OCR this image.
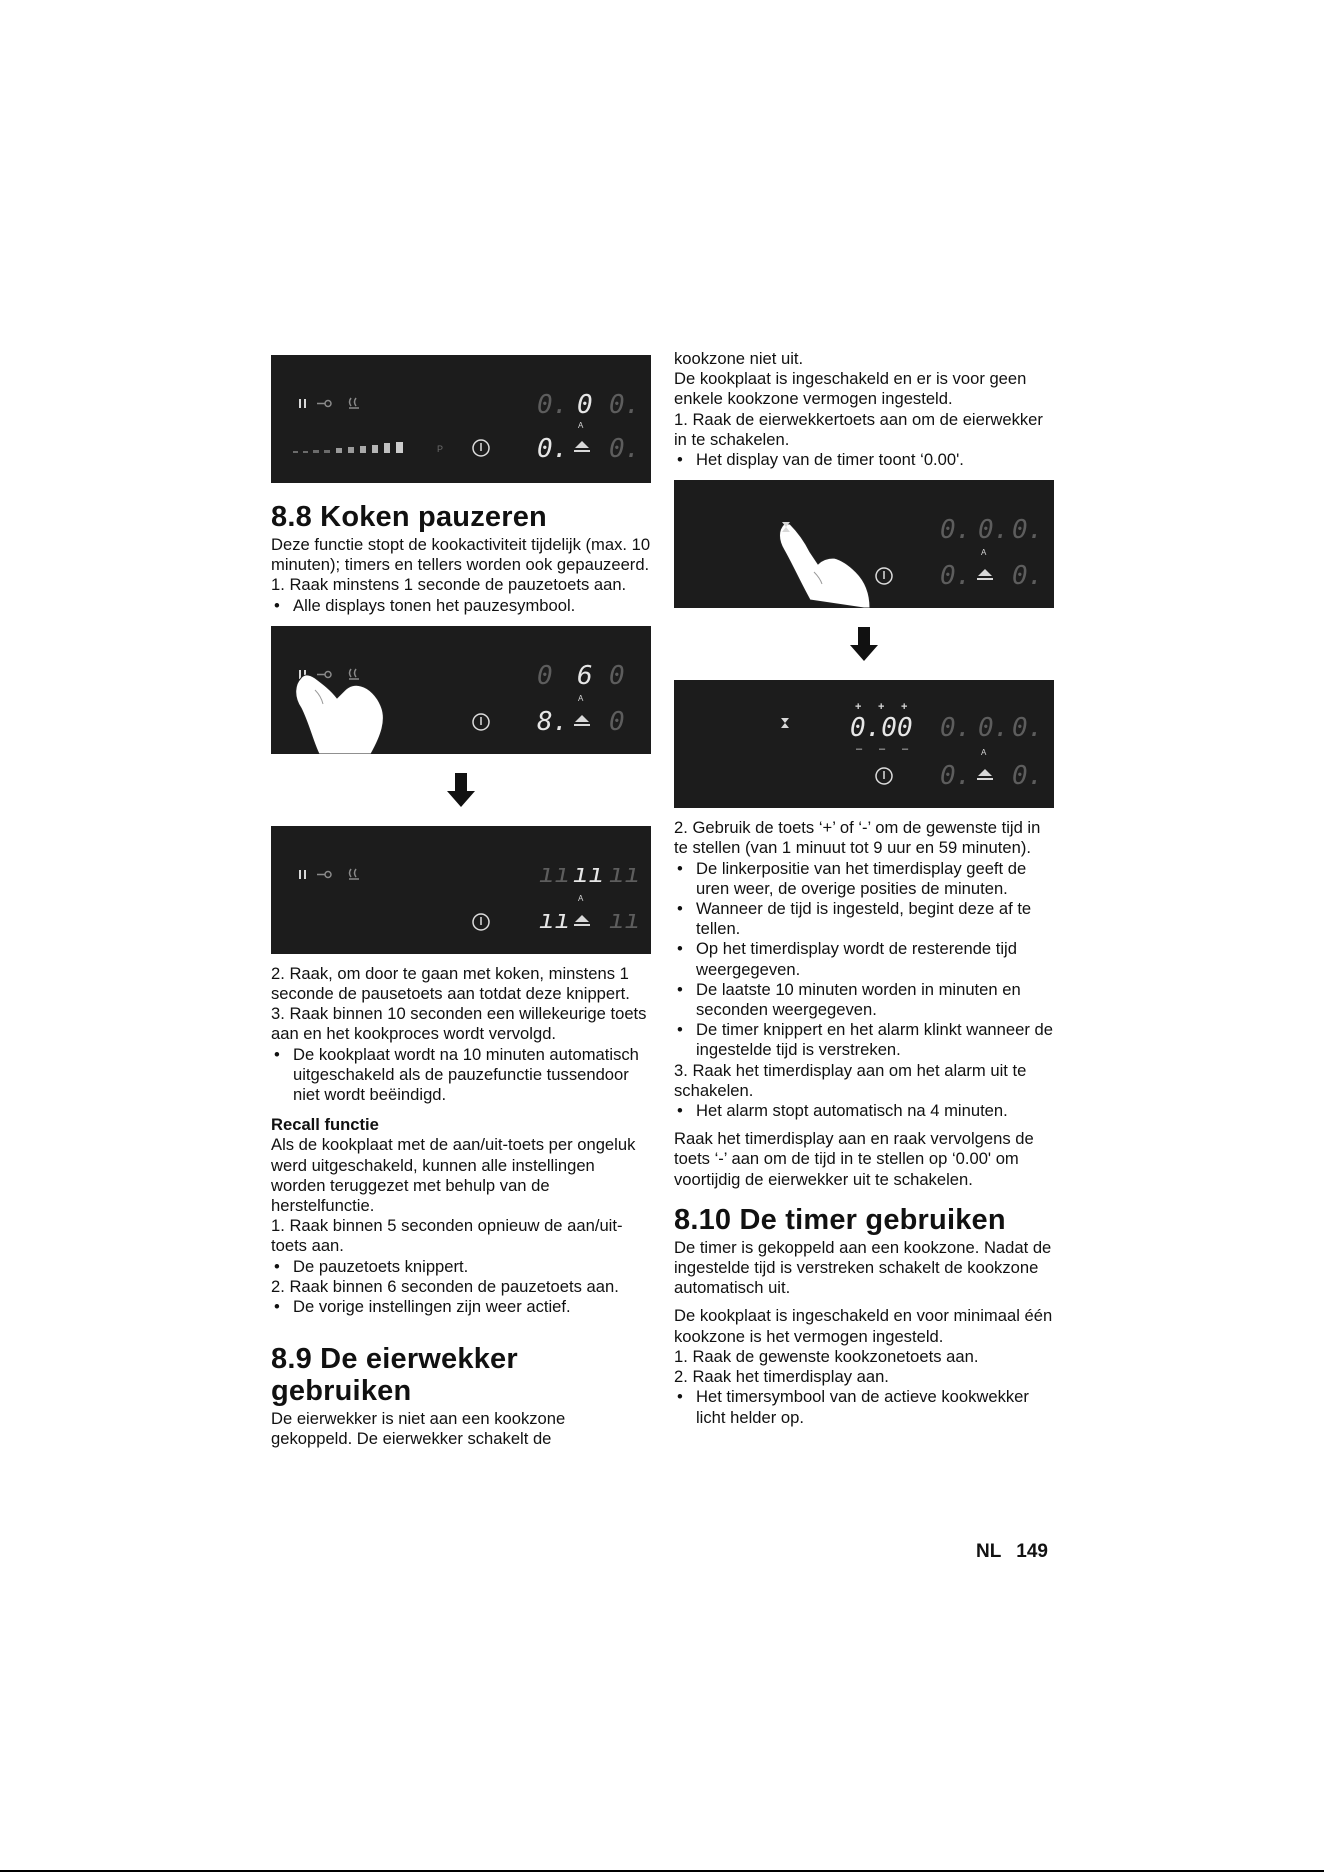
P
0. 0 0.
0. 0.
A
8.8 Koken pauzeren

Deze functie stopt de kookactiviteit tijdelijk (max. 10 minuten); timers en tellers worden ook gepauzeerd.

1. Raak minstens 1 seconde de pauzetoets aan.

• Alle displays tonen het pauzesymbool.

0 6 0
8. 0
A
ıı ıı ıı
ıı ıı
A

2. Raak, om door te gaan met koken, minstens 1 seconde de pausetoets aan totdat deze knippert.

3. Raak binnen 10 seconden een willekeurige toets aan en het kookproces wordt vervolgd.

• De kookplaat wordt na 10 minuten automatisch uitgeschakeld als de pauzefunctie tussendoor niet wordt beëindigd.

Recall functie

Als de kookplaat met de aan/uit-toets per ongeluk werd uitgeschakeld, kunnen alle instellingen worden teruggezet met behulp van de herstelfunctie.

1. Raak binnen 5 seconden opnieuw de aan/uit-toets aan.

• De pauzetoets knippert.

2. Raak binnen 6 seconden de pauzetoets aan.

• De vorige instellingen zijn weer actief.

8.9 De eierwekker gebruiken

De eierwekker is niet aan een kookzone gekoppeld. De eierwekker schakelt de

kookzone niet uit.

De kookplaat is ingeschakeld en er is voor geen enkele kookzone vermogen ingesteld.

1. Raak de eierwekkertoets aan om de eierwekker in te schakelen.

• Het display van de timer toont ‘0.00'.

0. 0. 0.
0. 0.
A
+ + +
0.00
– – –
0. 0. 0.
0. 0.
A

2. Gebruik de toets ‘+’ of ‘-’ om de gewenste tijd in te stellen (van 1 minuut tot 9 uur en 59 minuten).

• De linkerpositie van het timerdisplay geeft de uren weer, de overige posities de minuten.

• Wanneer de tijd is ingesteld, begint deze af te tellen.

• Op het timerdisplay wordt de resterende tijd weergegeven.

• De laatste 10 minuten worden in minuten en seconden weergegeven.

• De timer knippert en het alarm klinkt wanneer de ingestelde tijd is verstreken.

3. Raak het timerdisplay aan om het alarm uit te schakelen.

• Het alarm stopt automatisch na 4 minuten.

Raak het timerdisplay aan en raak vervolgens de toets ‘-’ aan om de tijd in te stellen op ‘0.00' om voortijdig de eierwekker uit te schakelen.

8.10 De timer gebruiken

De timer is gekoppeld aan een kookzone. Nadat de ingestelde tijd is verstreken schakelt de kookzone automatisch uit.

De kookplaat is ingeschakeld en voor minimaal één kookzone is het vermogen ingesteld.

1. Raak de gewenste kookzonetoets aan.

2. Raak het timerdisplay aan.

• Het timersymbool van de actieve kookwekker licht helder op.

NL 149
